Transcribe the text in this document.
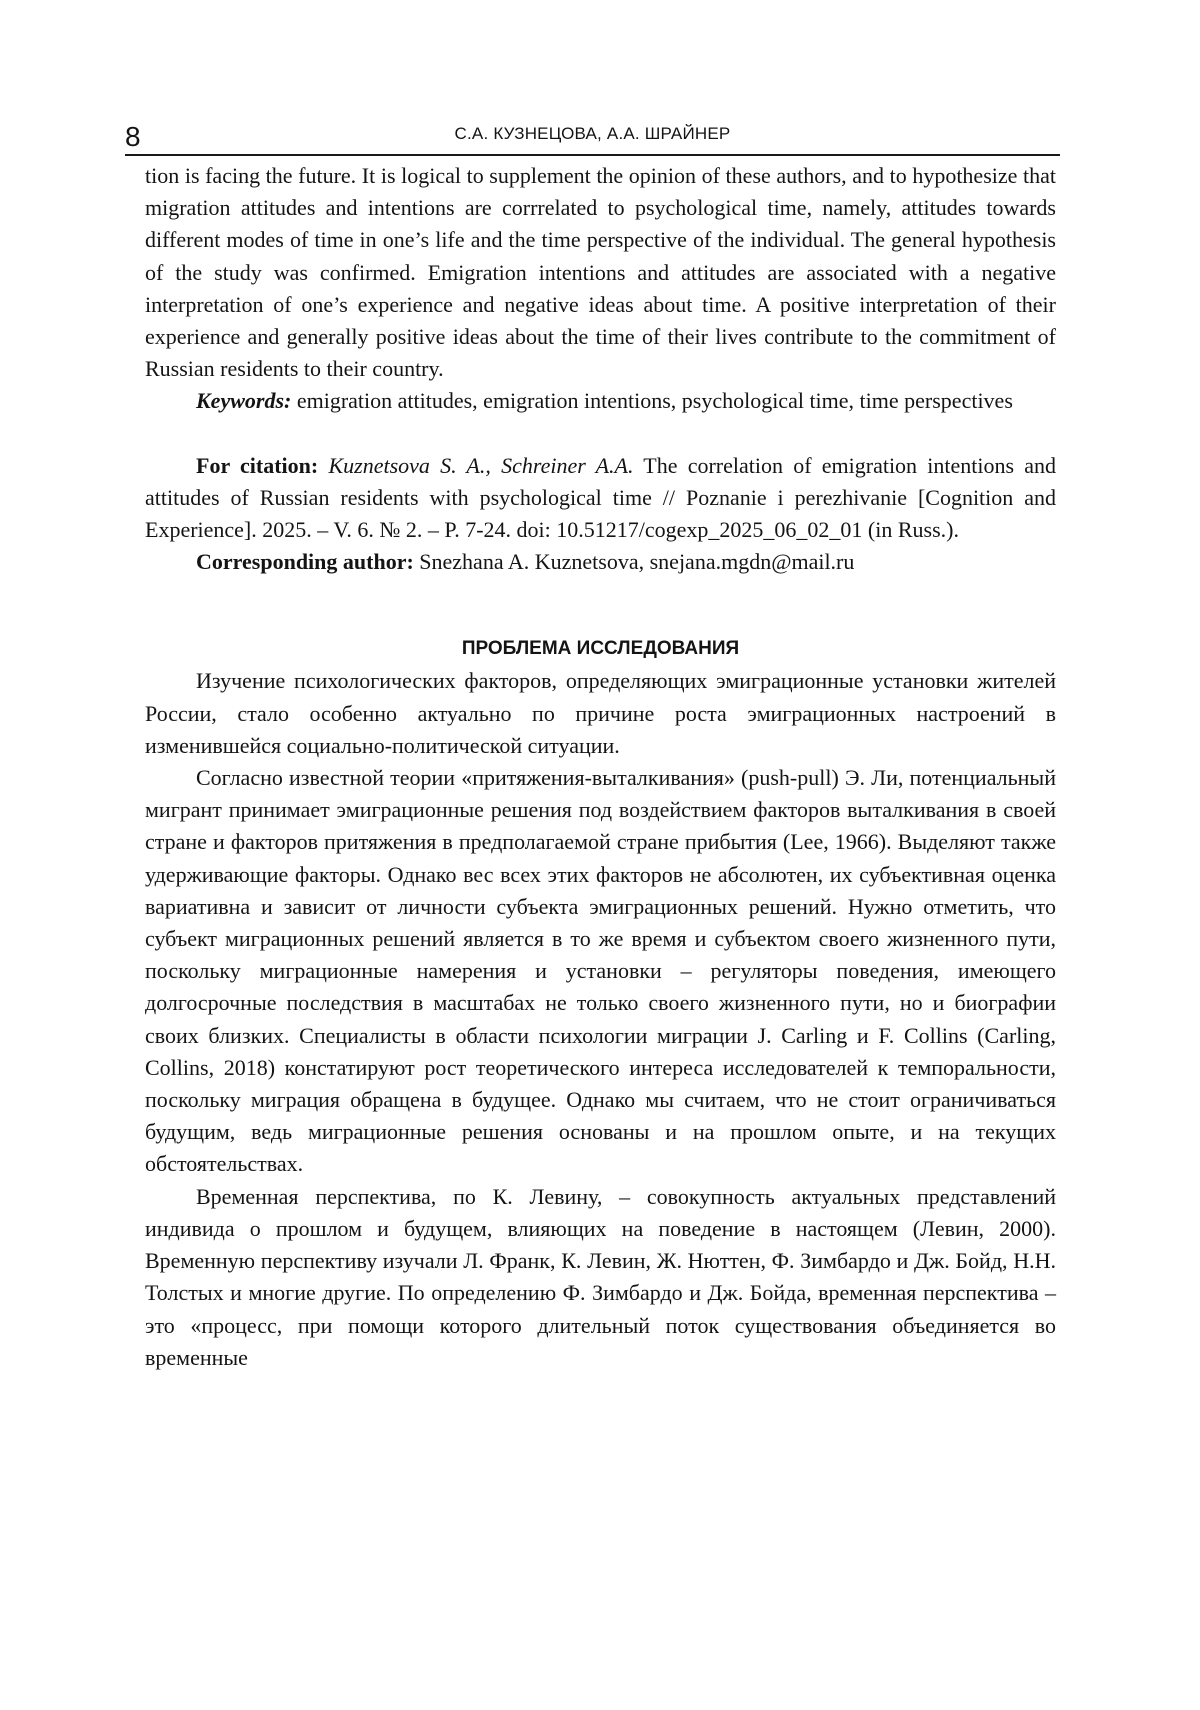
8	С.А. КУЗНЕЦОВА, А.А. ШРАЙНЕР

tion is facing the future. It is logical to supplement the opinion of these authors, and to hypothesize that migration attitudes and intentions are corrrelated to psychological time, namely, attitudes towards different modes of time in one’s life and the time perspective of the individual. The general hypothesis of the study was confirmed. Emigration intentions and attitudes are associated with a negative interpretation of one’s experience and negative ideas about time. A positive interpretation of their experience and generally positive ideas about the time of their lives contribute to the commitment of Russian residents to their country.

Keywords: emigration attitudes, emigration intentions, psychological time, time perspectives

For citation: Kuznetsova S. A., Schreiner A.A. The correlation of emigration intentions and attitudes of Russian residents with psychological time // Poznanie i perezhivanie [Cognition and Experience]. 2025. – V. 6. № 2. – P. 7-24. doi: 10.51217/cogexp_2025_06_02_01 (in Russ.).

Corresponding author: Snezhana A. Kuznetsova, snejana.mgdn@mail.ru

ПРОБЛЕМА ИССЛЕДОВАНИЯ

Изучение психологических факторов, определяющих эмиграционные установки жителей России, стало особенно актуально по причине роста эмиграционных настроений в изменившейся социально-политической ситуации.

Согласно известной теории «притяжения-выталкивания» (push-pull) Э. Ли, потенциальный мигрант принимает эмиграционные решения под воздействием факторов выталкивания в своей стране и факторов притяжения в предполагаемой стране прибытия (Lee, 1966). Выделяют также удерживающие факторы. Однако вес всех этих факторов не абсолютен, их субъективная оценка вариативна и зависит от личности субъекта эмиграционных решений. Нужно отметить, что субъект миграционных решений является в то же время и субъектом своего жизненного пути, поскольку миграционные намерения и установки – регуляторы поведения, имеющего долгосрочные последствия в масштабах не только своего жизненного пути, но и биографии своих близких. Специалисты в области психологии миграции J. Carling и F. Collins (Carling, Collins, 2018) констатируют рост теоретического интереса исследователей к темпоральности, поскольку миграция обращена в будущее. Однако мы считаем, что не стоит ограничиваться будущим, ведь миграционные решения основаны и на прошлом опыте, и на текущих обстоятельствах.

Временная перспектива, по К. Левину, – совокупность актуальных представлений индивида о прошлом и будущем, влияющих на поведение в настоящем (Левин, 2000). Временную перспективу изучали Л. Франк, К. Левин, Ж. Нюттен, Ф. Зимбардо и Дж. Бойд, Н.Н. Толстых и многие другие. По определению Ф. Зимбардо и Дж. Бойда, временная перспектива – это «процесс, при помощи которого длительный поток существования объединяется во временные
